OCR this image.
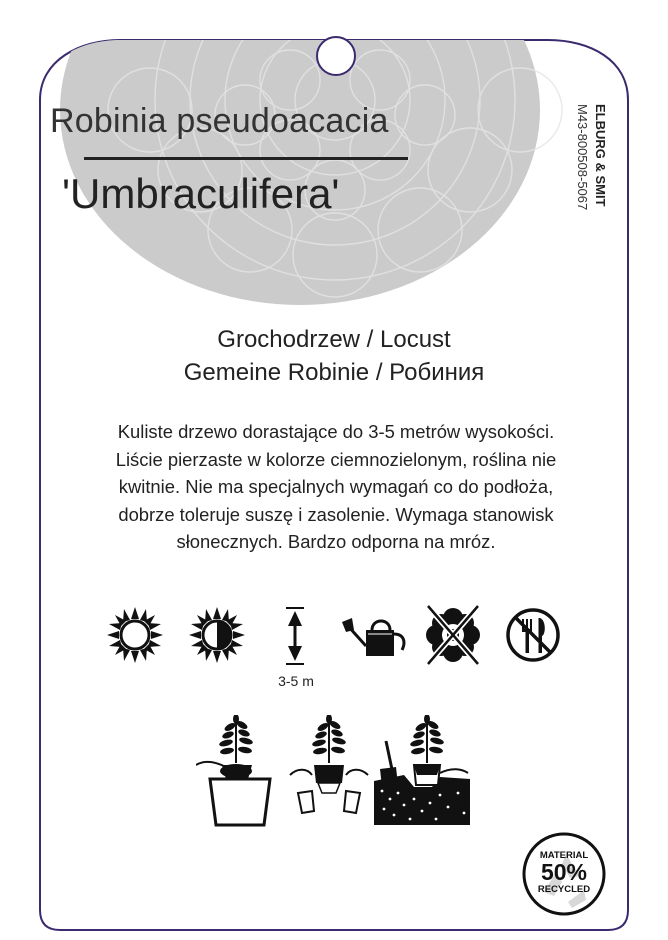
Robinia pseudoacacia
'Umbraculifera'	ELBURG & SMIT
M43-800508-5067
Grochodrzew / Locust
Gemeine Robinie / Робиния
Kuliste drzewo dorastające do 3-5 metrów wysokości.
Liście pierzaste w kolorze ciemnozielonym, roślina nie
kwitnie. Nie ma specjalnych wymagań co do podłoża,
dobrze toleruje suszę i zasolenie. Wymaga stanowisk
słonecznych. Bardzo odporna na mróz.
3-5 m
MATERIAL
50%
RECYCLED
